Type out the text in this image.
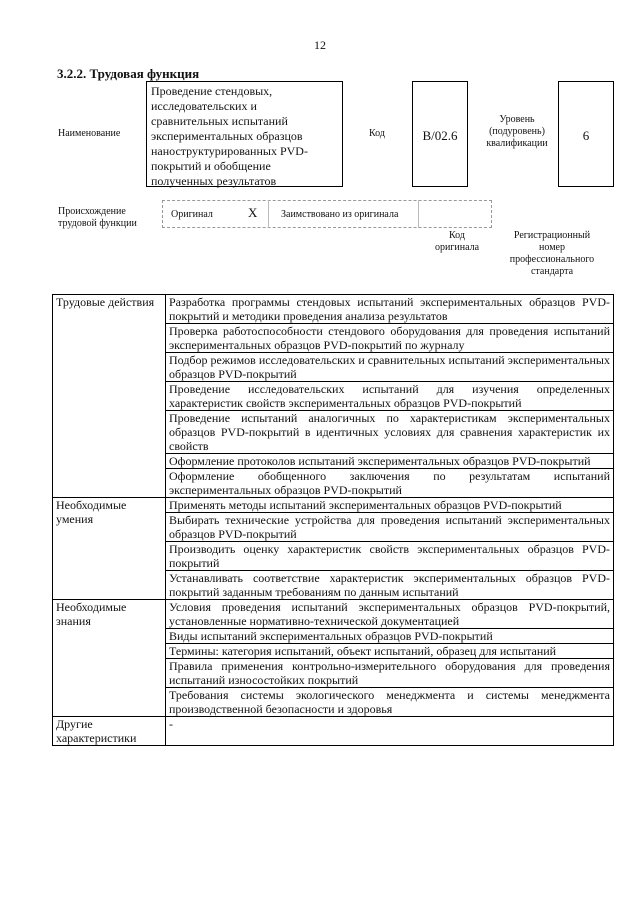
12
3.2.2. Трудовая функция
Наименование
Проведение стендовых,
исследовательских и
сравнительных испытаний
экспериментальных образцов
наноструктурированных PVD-
покрытий и обобщение
полученных результатов
Код	B/02.6
Уровень
(подуровень)
квалификации
6
Происхождение
трудовой функции
Оригинал	X Заимствовано из оригинала
Код
оригинала
Регистрационный
номер
профессионального
стандарта
Трудовые действия	Разработка программы стендовых испытаний экспериментальных образцов PVD-покрытий и методики проведения анализа результатов
	Проверка работоспособности стендового оборудования для проведения испытаний экспериментальных образцов PVD-покрытий по журналу
	Подбор режимов исследовательских и сравнительных испытаний экспериментальных образцов PVD-покрытий
	Проведение исследовательских испытаний для изучения определенных характеристик свойств экспериментальных образцов PVD-покрытий
	Проведение испытаний аналогичных по характеристикам экспериментальных образцов PVD-покрытий в идентичных условиях для сравнения характеристик их свойств
	Оформление протоколов испытаний экспериментальных образцов PVD-покрытий
	Оформление обобщенного заключения по результатам испытаний экспериментальных образцов PVD-покрытий
Необходимые умения	Применять методы испытаний экспериментальных образцов PVD-покрытий
	Выбирать технические устройства для проведения испытаний экспериментальных образцов PVD-покрытий
	Производить оценку характеристик свойств экспериментальных образцов PVD-покрытий
	Устанавливать соответствие характеристик экспериментальных образцов PVD-покрытий заданным требованиям по данным испытаний
Необходимые знания	Условия проведения испытаний экспериментальных образцов PVD-покрытий, установленные нормативно-технической документацией
	Виды испытаний экспериментальных образцов PVD-покрытий
	Термины: категория испытаний, объект испытаний, образец для испытаний
	Правила применения контрольно-измерительного оборудования для проведения испытаний износостойких покрытий
	Требования системы экологического менеджмента и системы менеджмента производственной безопасности и здоровья
Другие характеристики	-
